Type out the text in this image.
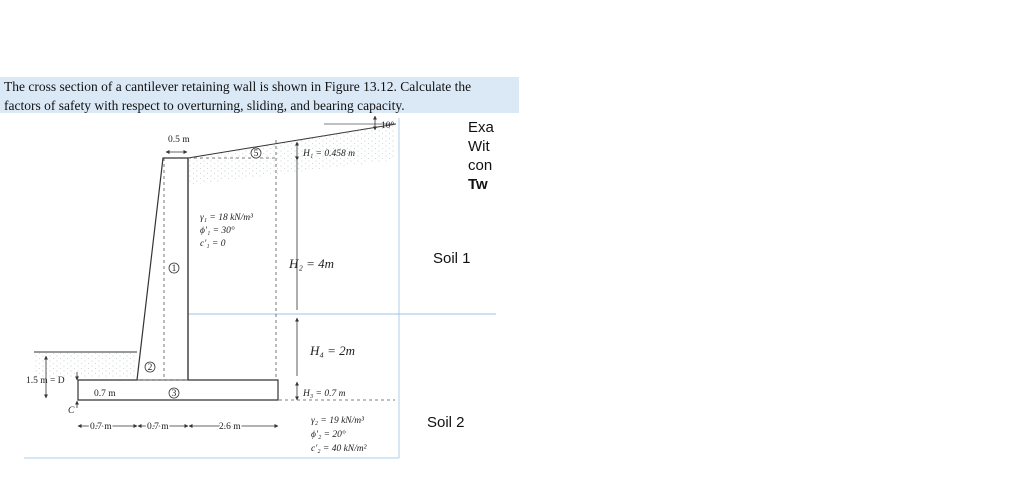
The cross section of a cantilever retaining wall is shown in Figure 13.12. Calculate the

factors of safety with respect to overturning, sliding, and bearing capacity.

Exa
Wit
con
Tw
Soil 1
Soil 2
0.5 m
10°
H₁ = 0.458 m
H₂ = 4m
H₄ = 2m
H₃ = 0.7 m
γ₁ = 18 kN/m³
ϕ'₁ = 30°
c'₁ = 0
γ₂ = 19 kN/m³
ϕ'₂ = 20°
c'₂ = 40 kN/m²
1
2
3
5
1.5 m = D
0.7 m
C
0.7 m	0.7 m	2.6 m
